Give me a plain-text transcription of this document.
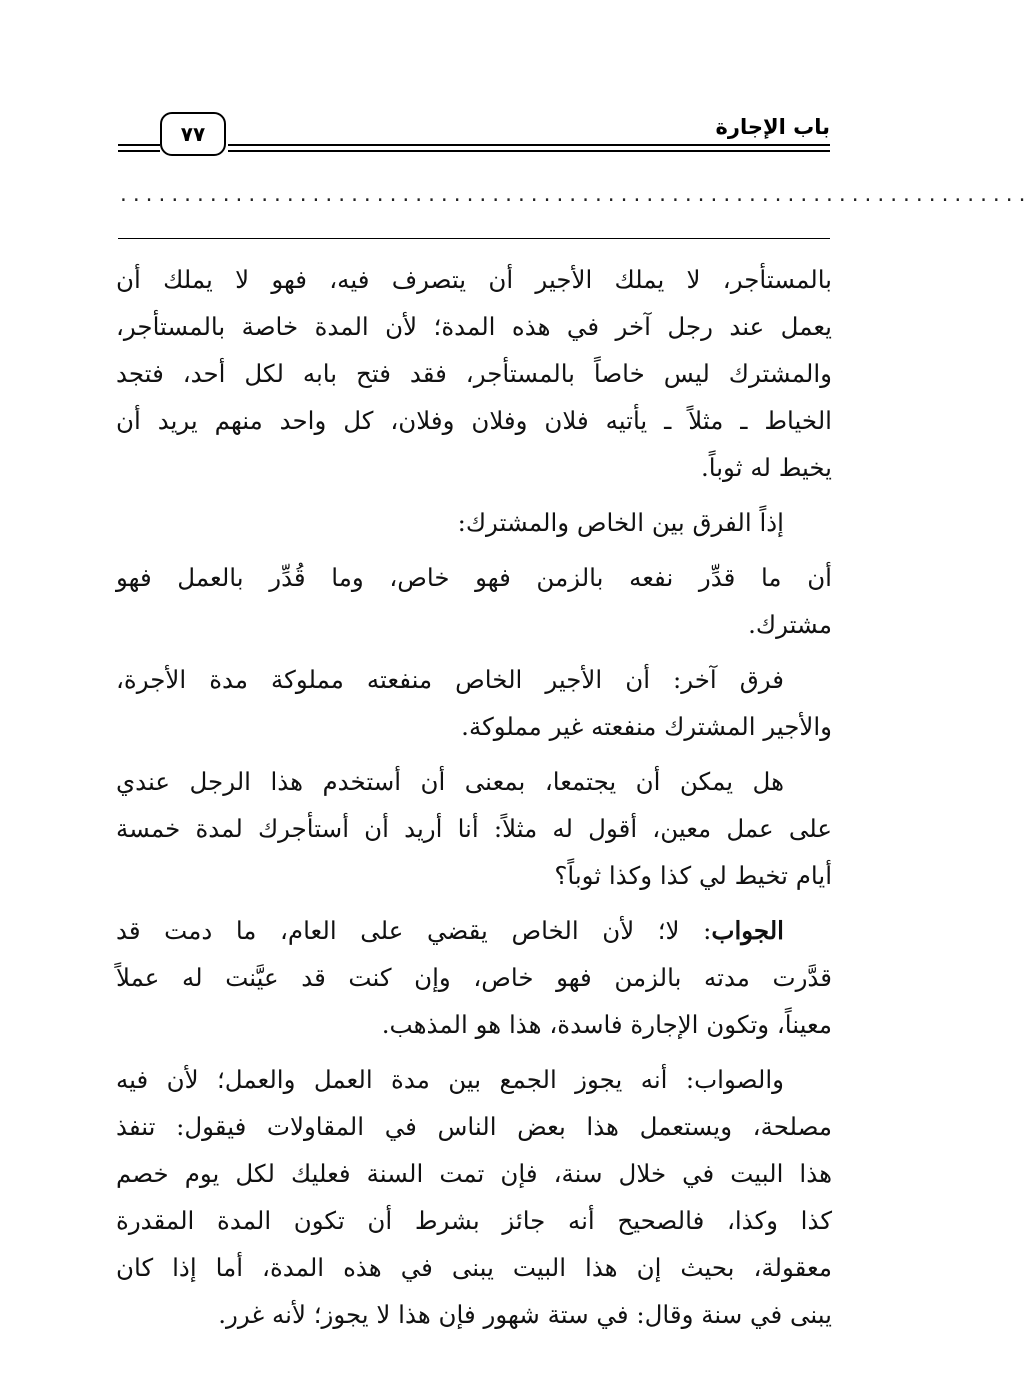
باب الإجارة
٧٧
.......................................................................
بالمستأجر، لا يملك الأجير أن يتصرف فيه، فهو لا يملك أن
يعمل عند رجل آخر في هذه المدة؛ لأن المدة خاصة بالمستأجر،
والمشترك ليس خاصاً بالمستأجر، فقد فتح بابه لكل أحد، فتجد
الخياط ـ مثلاً ـ يأتيه فلان وفلان وفلان، كل واحد منهم يريد أن
يخيط له ثوباً.
إذاً الفرق بين الخاص والمشترك:
أن ما قدِّر نفعه بالزمن فهو خاص، وما قُدِّر بالعمل فهو
مشترك.
فرق آخر: أن الأجير الخاص منفعته مملوكة مدة الأجرة،
والأجير المشترك منفعته غير مملوكة.
هل يمكن أن يجتمعا، بمعنى أن أستخدم هذا الرجل عندي
على عمل معين، أقول له مثلاً: أنا أريد أن أستأجرك لمدة خمسة
أيام تخيط لي كذا وكذا ثوباً؟
الجواب: لا؛ لأن الخاص يقضي على العام، ما دمت قد
قدَّرت مدته بالزمن فهو خاص، وإن كنت قد عيَّنت له عملاً
معيناً، وتكون الإجارة فاسدة، هذا هو المذهب.
والصواب: أنه يجوز الجمع بين مدة العمل والعمل؛ لأن فيه
مصلحة، ويستعمل هذا بعض الناس في المقاولات فيقول: تنفذ
هذا البيت في خلال سنة، فإن تمت السنة فعليك لكل يوم خصم
كذا وكذا، فالصحيح أنه جائز بشرط أن تكون المدة المقدرة
معقولة، بحيث إن هذا البيت يبنى في هذه المدة، أما إذا كان
يبنى في سنة وقال: في ستة شهور فإن هذا لا يجوز؛ لأنه غرر.
